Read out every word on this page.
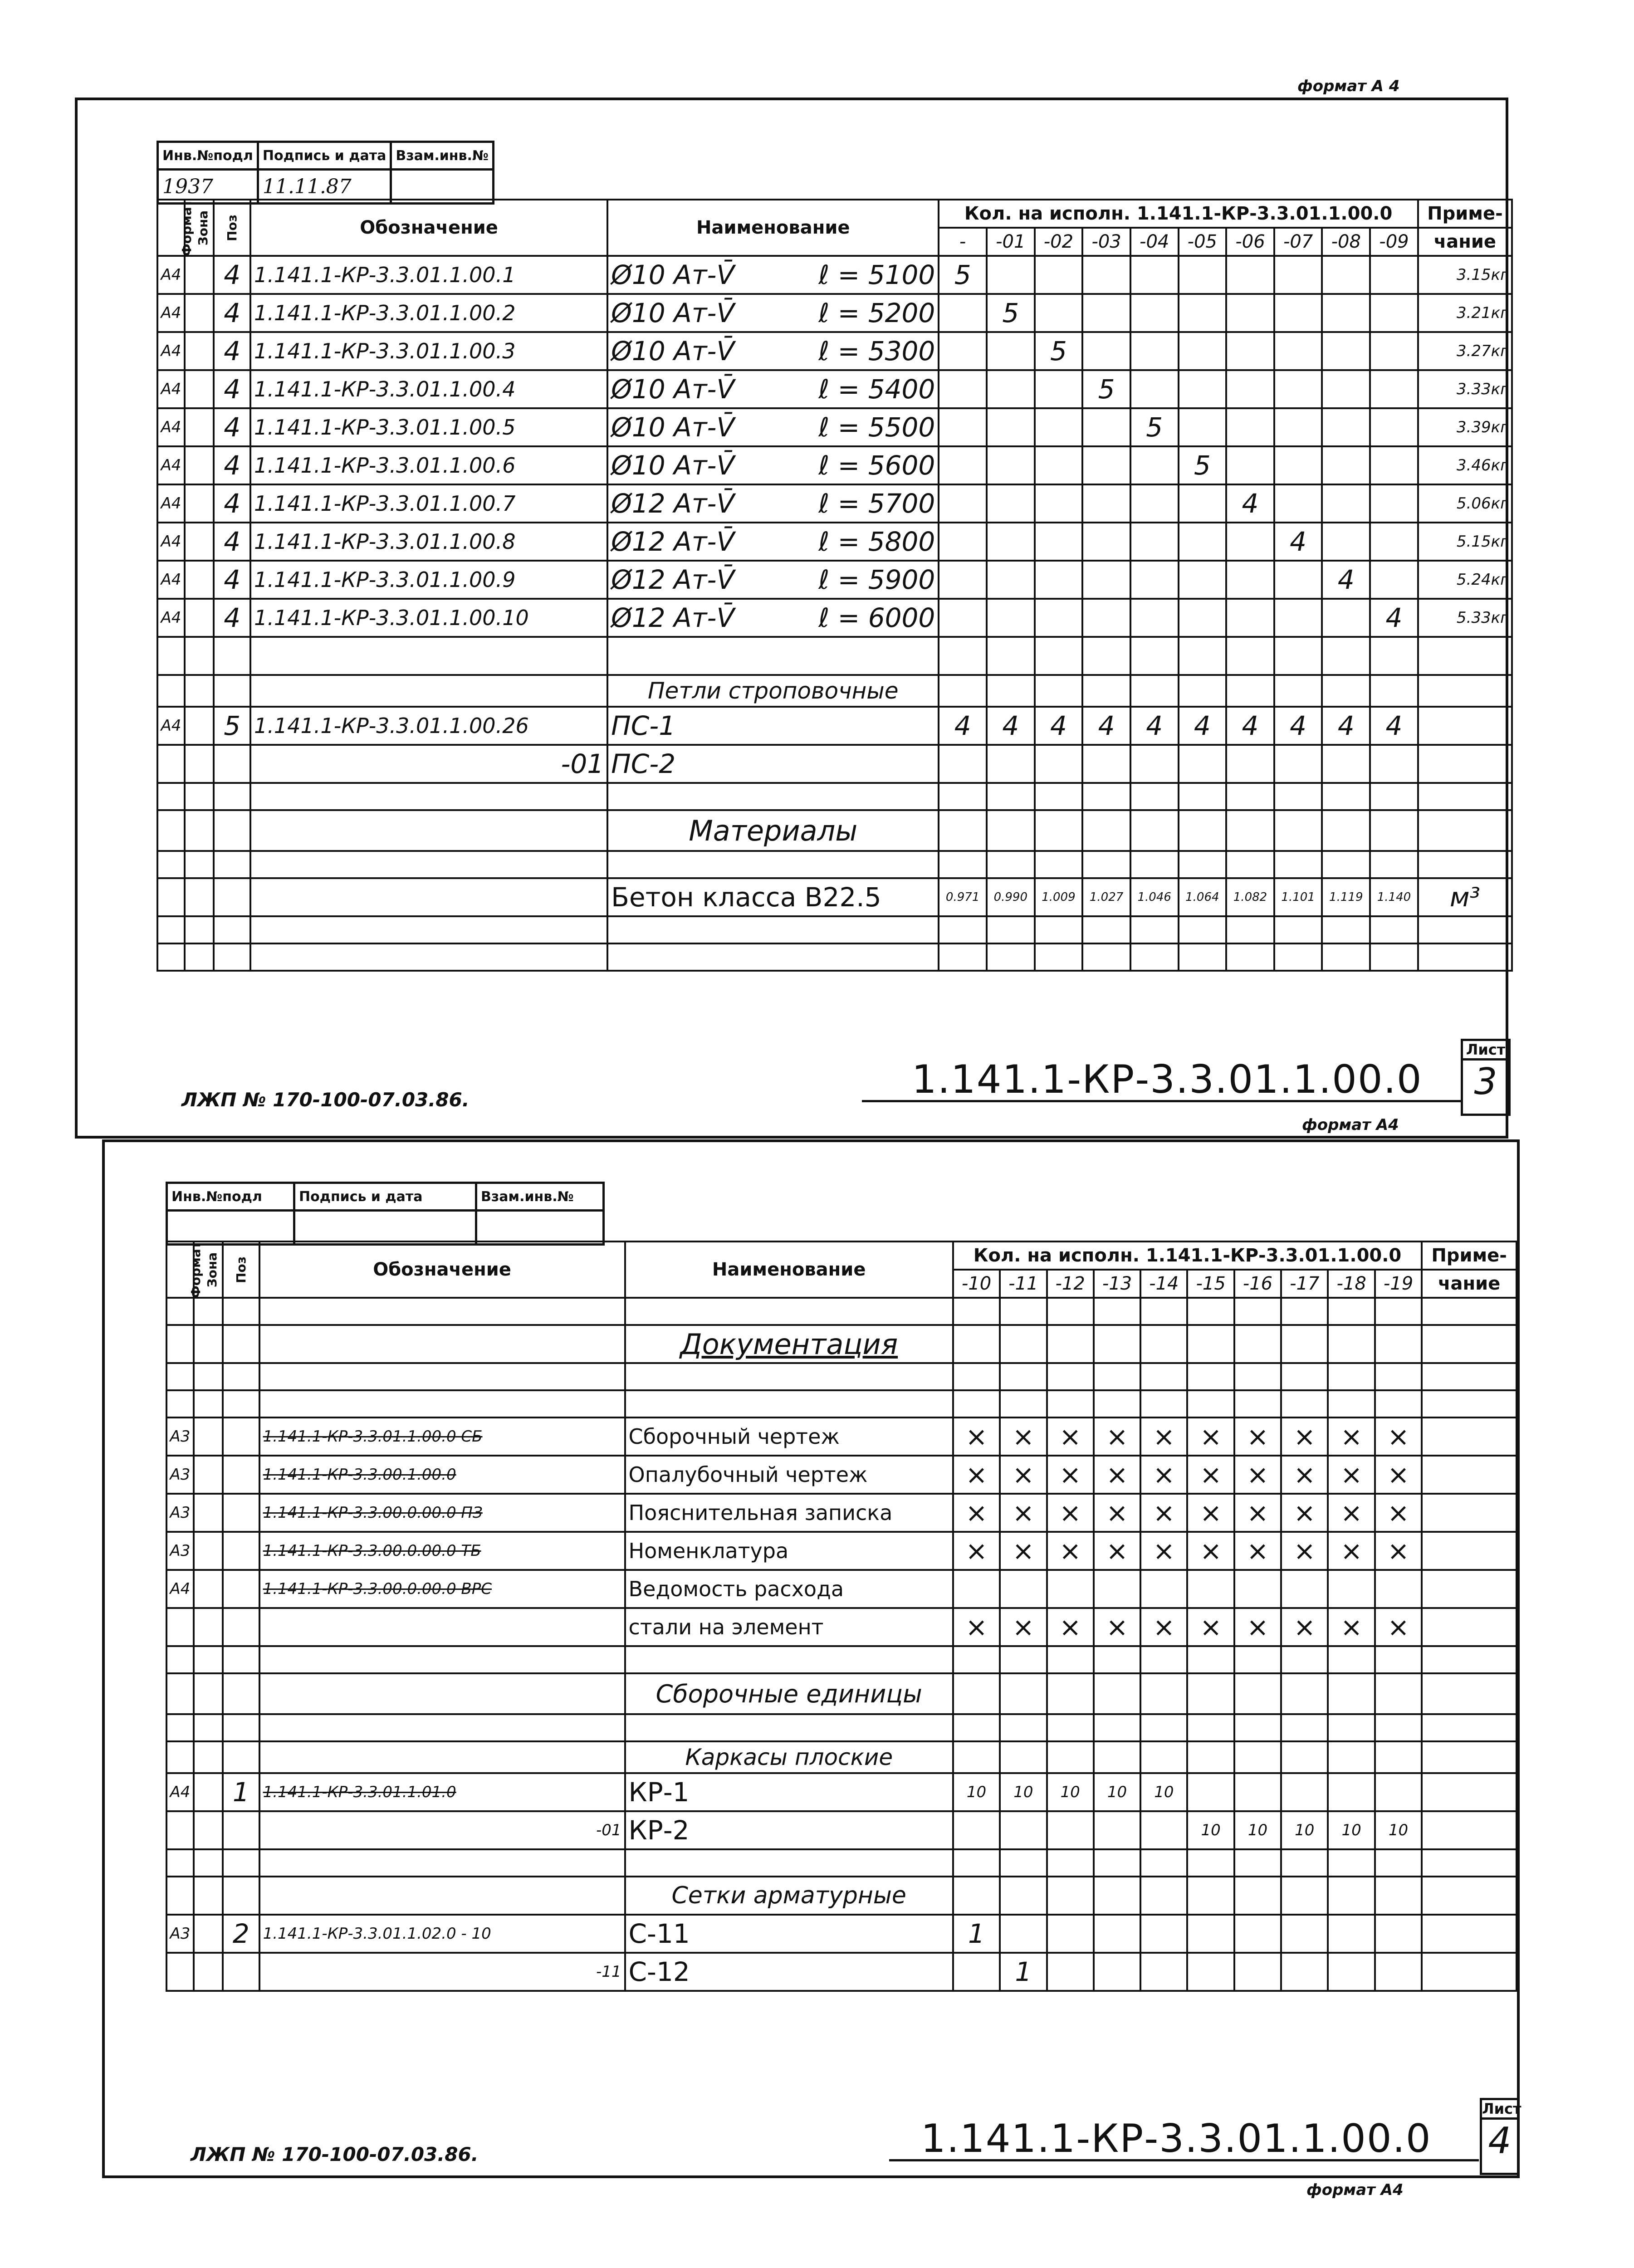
формат А 4
Инв.№подл	Подпись и дата	Взам.инв.№
1937	11.11.87	
Формат	Зона	Поз	Обозначение	Наименование	Кол. на исполн. 1.141.1-КР-3.3.01.1.00.0										Приме-
					-	-01	-02	-03	-04	-05	-06	-07	-08	-09	чание
А4		4	1.141.1-КР-3.3.01.1.00.1	Ø10 Aт-V̄ ℓ = 5100	5										3.15кг
А4		4	1.141.1-КР-3.3.01.1.00.2	Ø10 Aт-V̄ ℓ = 5200		5									3.21кг
А4		4	1.141.1-КР-3.3.01.1.00.3	Ø10 Aт-V̄ ℓ = 5300			5								3.27кг
А4		4	1.141.1-КР-3.3.01.1.00.4	Ø10 Aт-V̄ ℓ = 5400				5							3.33кг
А4		4	1.141.1-КР-3.3.01.1.00.5	Ø10 Aт-V̄ ℓ = 5500					5						3.39кг
А4		4	1.141.1-КР-3.3.01.1.00.6	Ø10 Aт-V̄ ℓ = 5600						5					3.46кг
А4		4	1.141.1-КР-3.3.01.1.00.7	Ø12 Aт-V̄ ℓ = 5700							4				5.06кг
А4		4	1.141.1-КР-3.3.01.1.00.8	Ø12 Aт-V̄ ℓ = 5800								4			5.15кг
А4		4	1.141.1-КР-3.3.01.1.00.9	Ø12 Aт-V̄ ℓ = 5900									4		5.24кг
А4		4	1.141.1-КР-3.3.01.1.00.10	Ø12 Aт-V̄ ℓ = 6000										4	5.33кг

				Петли строповочные											
А4		5	1.141.1-КР-3.3.01.1.00.26	ПС-1	4	4	4	4	4	4	4	4	4	4	
			-01	ПС-2											

				Материалы											

				Бетон класса В22.5	0.971	0.990	1.009	1.027	1.046	1.064	1.082	1.101	1.119	1.140	м³

1.141.1-КР-3.3.01.1.00.0
Лист
3
ЛЖП № 170-100-07.03.86.
формат А4
Инв.№подл	Подпись и дата	Взам.инв.№

Формат	Зона	Поз	Обозначение	Наименование	Кол. на исполн. 1.141.1-КР-3.3.01.1.00.0										Приме-
					-10	-11	-12	-13	-14	-15	-16	-17	-18	-19	чание

				Документация											

А3			1.141.1-КР-3.3.01.1.00.0 СБ	Сборочный чертеж	×	×	×	×	×	×	×	×	×	×	
А3			1.141.1-КР-3.3.00.1.00.0	Опалубочный чертеж	×	×	×	×	×	×	×	×	×	×	
А3			1.141.1-КР-3.3.00.0.00.0 ПЗ	Пояснительная записка	×	×	×	×	×	×	×	×	×	×	
А3			1.141.1-КР-3.3.00.0.00.0 ТБ	Номенклатура	×	×	×	×	×	×	×	×	×	×	
А4			1.141.1-КР-3.3.00.0.00.0 ВРС	Ведомость расхода											
				стали на элемент	×	×	×	×	×	×	×	×	×	×	

				Сборочные единицы											

				Каркасы плоские											
А4		1	1.141.1-КР-3.3.01.1.01.0	КР-1	10	10	10	10	10						
			-01	КР-2						10	10	10	10	10	

				Сетки арматурные											
А3		2	1.141.1-КР-3.3.01.1.02.0 - 10	С-11	1										
			-11	С-12		1									
1.141.1-КР-3.3.01.1.00.0
Лист
4
ЛЖП № 170-100-07.03.86.
формат А4
